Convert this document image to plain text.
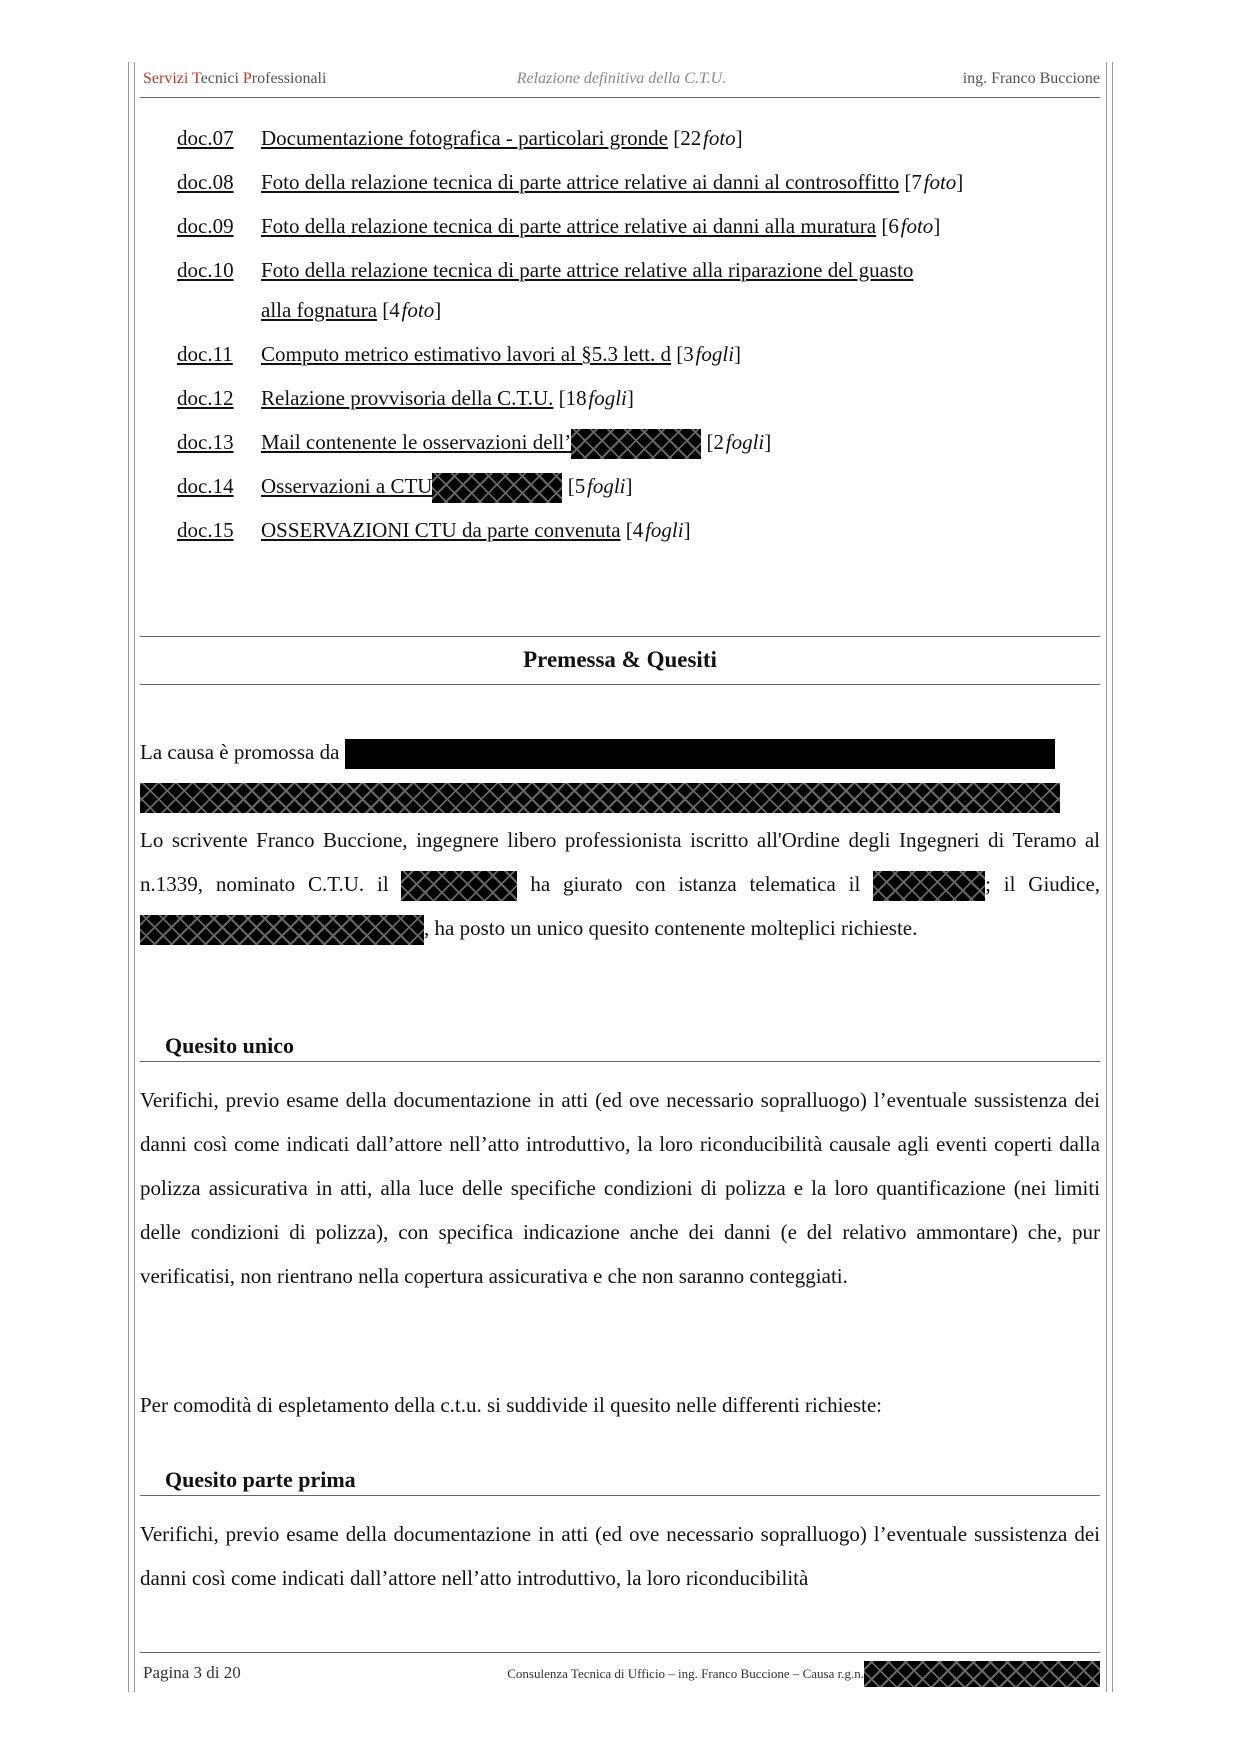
Servizi Tecnici Professionali	Relazione definitiva della C.T.U.	ing. Franco Buccione
doc.07	Documentazione fotografica - particolari gronde [22 foto]
doc.08	Foto della relazione tecnica di parte attrice relative ai danni al controsoffitto [7 foto]
doc.09	Foto della relazione tecnica di parte attrice relative ai danni alla muratura [6 foto]
doc.10	Foto della relazione tecnica di parte attrice relative alla riparazione del guasto
alla fognatura [4 foto]
doc.11	Computo metrico estimativo lavori al §5.3 lett. d [3 fogli]
doc.12	Relazione provvisoria della C.T.U. [18 fogli]
doc.13	Mail contenente le osservazioni dell’	[2 fogli]
doc.14	Osservazioni a CTU	[5 fogli]
doc.15	OSSERVAZIONI CTU da parte convenuta [4 fogli]
Premessa & Quesiti
La causa è promossa da

Lo scrivente Franco Buccione, ingegnere libero professionista iscritto all'Ordine degli Ingegneri di Teramo al n.1339, nominato C.T.U. il	ha giurato con istanza telematica il	; il Giudice, , ha posto un unico quesito contenente molteplici richieste.
Quesito unico
Verifichi, previo esame della documentazione in atti (ed ove necessario sopralluogo) l’eventuale sussistenza dei danni così come indicati dall’attore nell’atto introduttivo, la loro riconducibilità causale agli eventi coperti dalla polizza assicurativa in atti, alla luce delle specifiche condizioni di polizza e la loro quantificazione (nei limiti delle condizioni di polizza), con specifica indicazione anche dei danni (e del relativo ammontare) che, pur verificatisi, non rientrano nella copertura assicurativa e che non saranno conteggiati.
Per comodità di espletamento della c.t.u. si suddivide il quesito nelle differenti richieste:
Quesito parte prima
Verifichi, previo esame della documentazione in atti (ed ove necessario sopralluogo) l’eventuale sussistenza dei danni così come indicati dall’attore nell’atto introduttivo, la loro riconducibilità
Pagina 3 di 20	Consulenza Tecnica di Ufficio – ing. Franco Buccione – Causa r.g.n.
